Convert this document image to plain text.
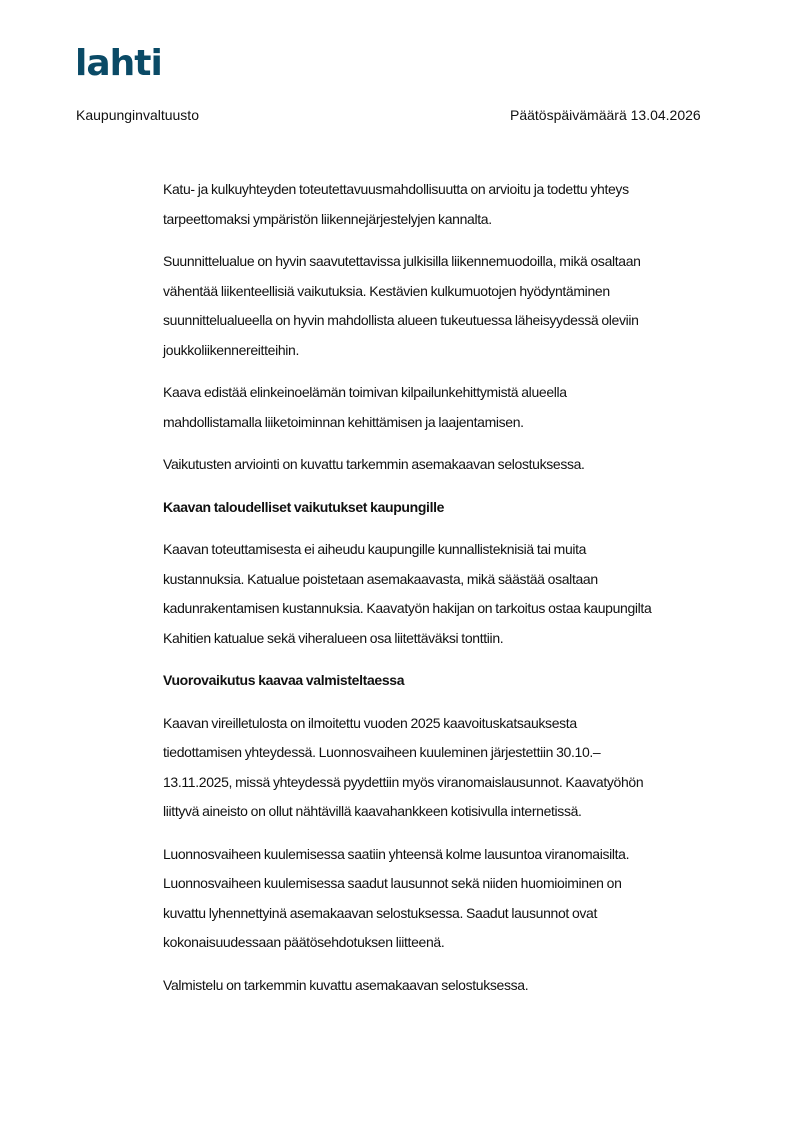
lahti
Kaupunginvaltuusto	Päätöspäivämäärä 13.04.2026

Katu- ja kulkuyhteyden toteutettavuusmahdollisuutta on arvioitu ja todettu yhteys
tarpeettomaksi ympäristön liikennejärjestelyjen kannalta.

Suunnittelualue on hyvin saavutettavissa julkisilla liikennemuodoilla, mikä osaltaan
vähentää liikenteellisiä vaikutuksia. Kestävien kulkumuotojen hyödyntäminen
suunnittelualueella on hyvin mahdollista alueen tukeutuessa läheisyydessä oleviin
joukkoliikennereitteihin.

Kaava edistää elinkeinoelämän toimivan kilpailunkehittymistä alueella
mahdollistamalla liiketoiminnan kehittämisen ja laajentamisen.

Vaikutusten arviointi on kuvattu tarkemmin asemakaavan selostuksessa.

Kaavan taloudelliset vaikutukset kaupungille

Kaavan toteuttamisesta ei aiheudu kaupungille kunnallisteknisiä tai muita
kustannuksia. Katualue poistetaan asemakaavasta, mikä säästää osaltaan
kadunrakentamisen kustannuksia. Kaavatyön hakijan on tarkoitus ostaa kaupungilta
Kahitien katualue sekä viheralueen osa liitettäväksi tonttiin.

Vuorovaikutus kaavaa valmisteltaessa

Kaavan vireilletulosta on ilmoitettu vuoden 2025 kaavoituskatsauksesta
tiedottamisen yhteydessä. Luonnosvaiheen kuuleminen järjestettiin 30.10.–
13.11.2025, missä yhteydessä pyydettiin myös viranomaislausunnot. Kaavatyöhön
liittyvä aineisto on ollut nähtävillä kaavahankkeen kotisivulla internetissä.

Luonnosvaiheen kuulemisessa saatiin yhteensä kolme lausuntoa viranomaisilta.
Luonnosvaiheen kuulemisessa saadut lausunnot sekä niiden huomioiminen on
kuvattu lyhennettyinä asemakaavan selostuksessa. Saadut lausunnot ovat
kokonaisuudessaan päätösehdotuksen liitteenä.

Valmistelu on tarkemmin kuvattu asemakaavan selostuksessa.
